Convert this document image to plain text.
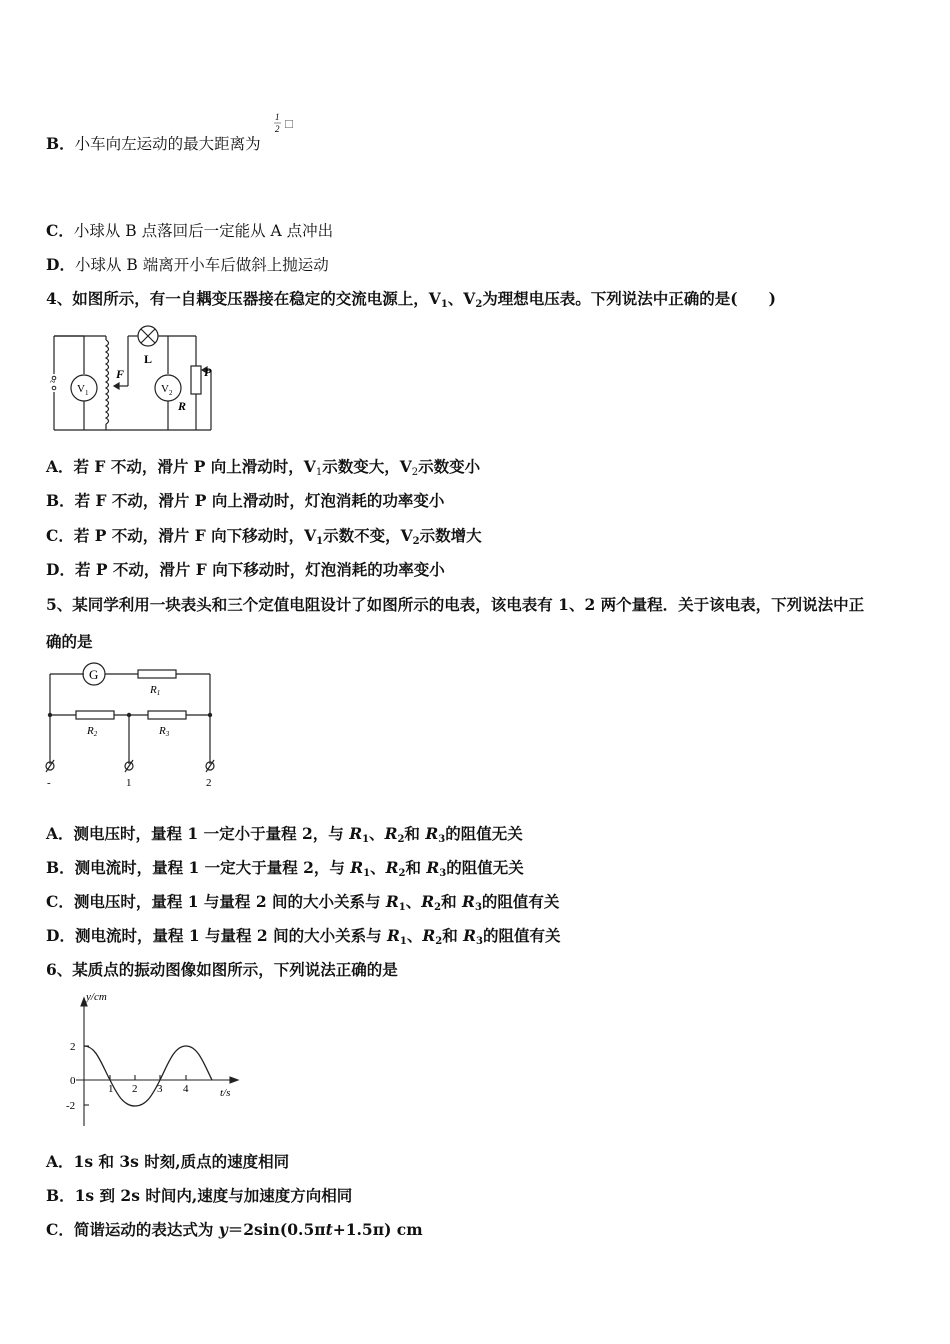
B．小车向左运动的最大距离为
1
2 □
C．小球从 B 点落回后一定能从 A 点冲出
D．小球从 B 端离开小车后做斜上抛运动
4、如图所示，有一自耦变压器接在稳定的交流电源上，$V_1$、$V_2$为理想电压表。下列说法中正确的是(　　)
~
$V_1$	$V_2$
L
F	P
R
A．若 F 不动，滑片 P 向上滑动时，$V_1$示数变大，$V_2$示数变小
B．若 F 不动，滑片 P 向上滑动时，灯泡消耗的功率变小
C．若 P 不动，滑片 F 向下移动时，$V_1$示数不变，$V_2$示数增大
D．若 P 不动，滑片 F 向下移动时，灯泡消耗的功率变小
5、某同学利用一块表头和三个定值电阻设计了如图所示的电表，该电表有 1、2 两个量程．关于该电表，下列说法中正
确的是
G
R1
R2	R3
-	1	2
A．测电压时，量程 1 一定小于量程 2，与 $R_1$、$R_2$和 $R_3$的阻值无关
B．测电流时，量程 1 一定大于量程 2，与 $R_1$、$R_2$和 $R_3$的阻值无关
C．测电压时，量程 1 与量程 2 间的大小关系与 $R_1$、$R_2$和 $R_3$的阻值有关
D．测电流时，量程 1 与量程 2 间的大小关系与 $R_1$、$R_2$和 $R_3$的阻值有关
6、某质点的振动图像如图所示，下列说法正确的是
y/cm
t/s
2
0
-2
1 2 3 4
A．1s 和 3s 时刻,质点的速度相同
B．1s 到 2s 时间内,速度与加速度方向相同
C．简谐运动的表达式为 y＝2sin(0.5πt+1.5π) cm
